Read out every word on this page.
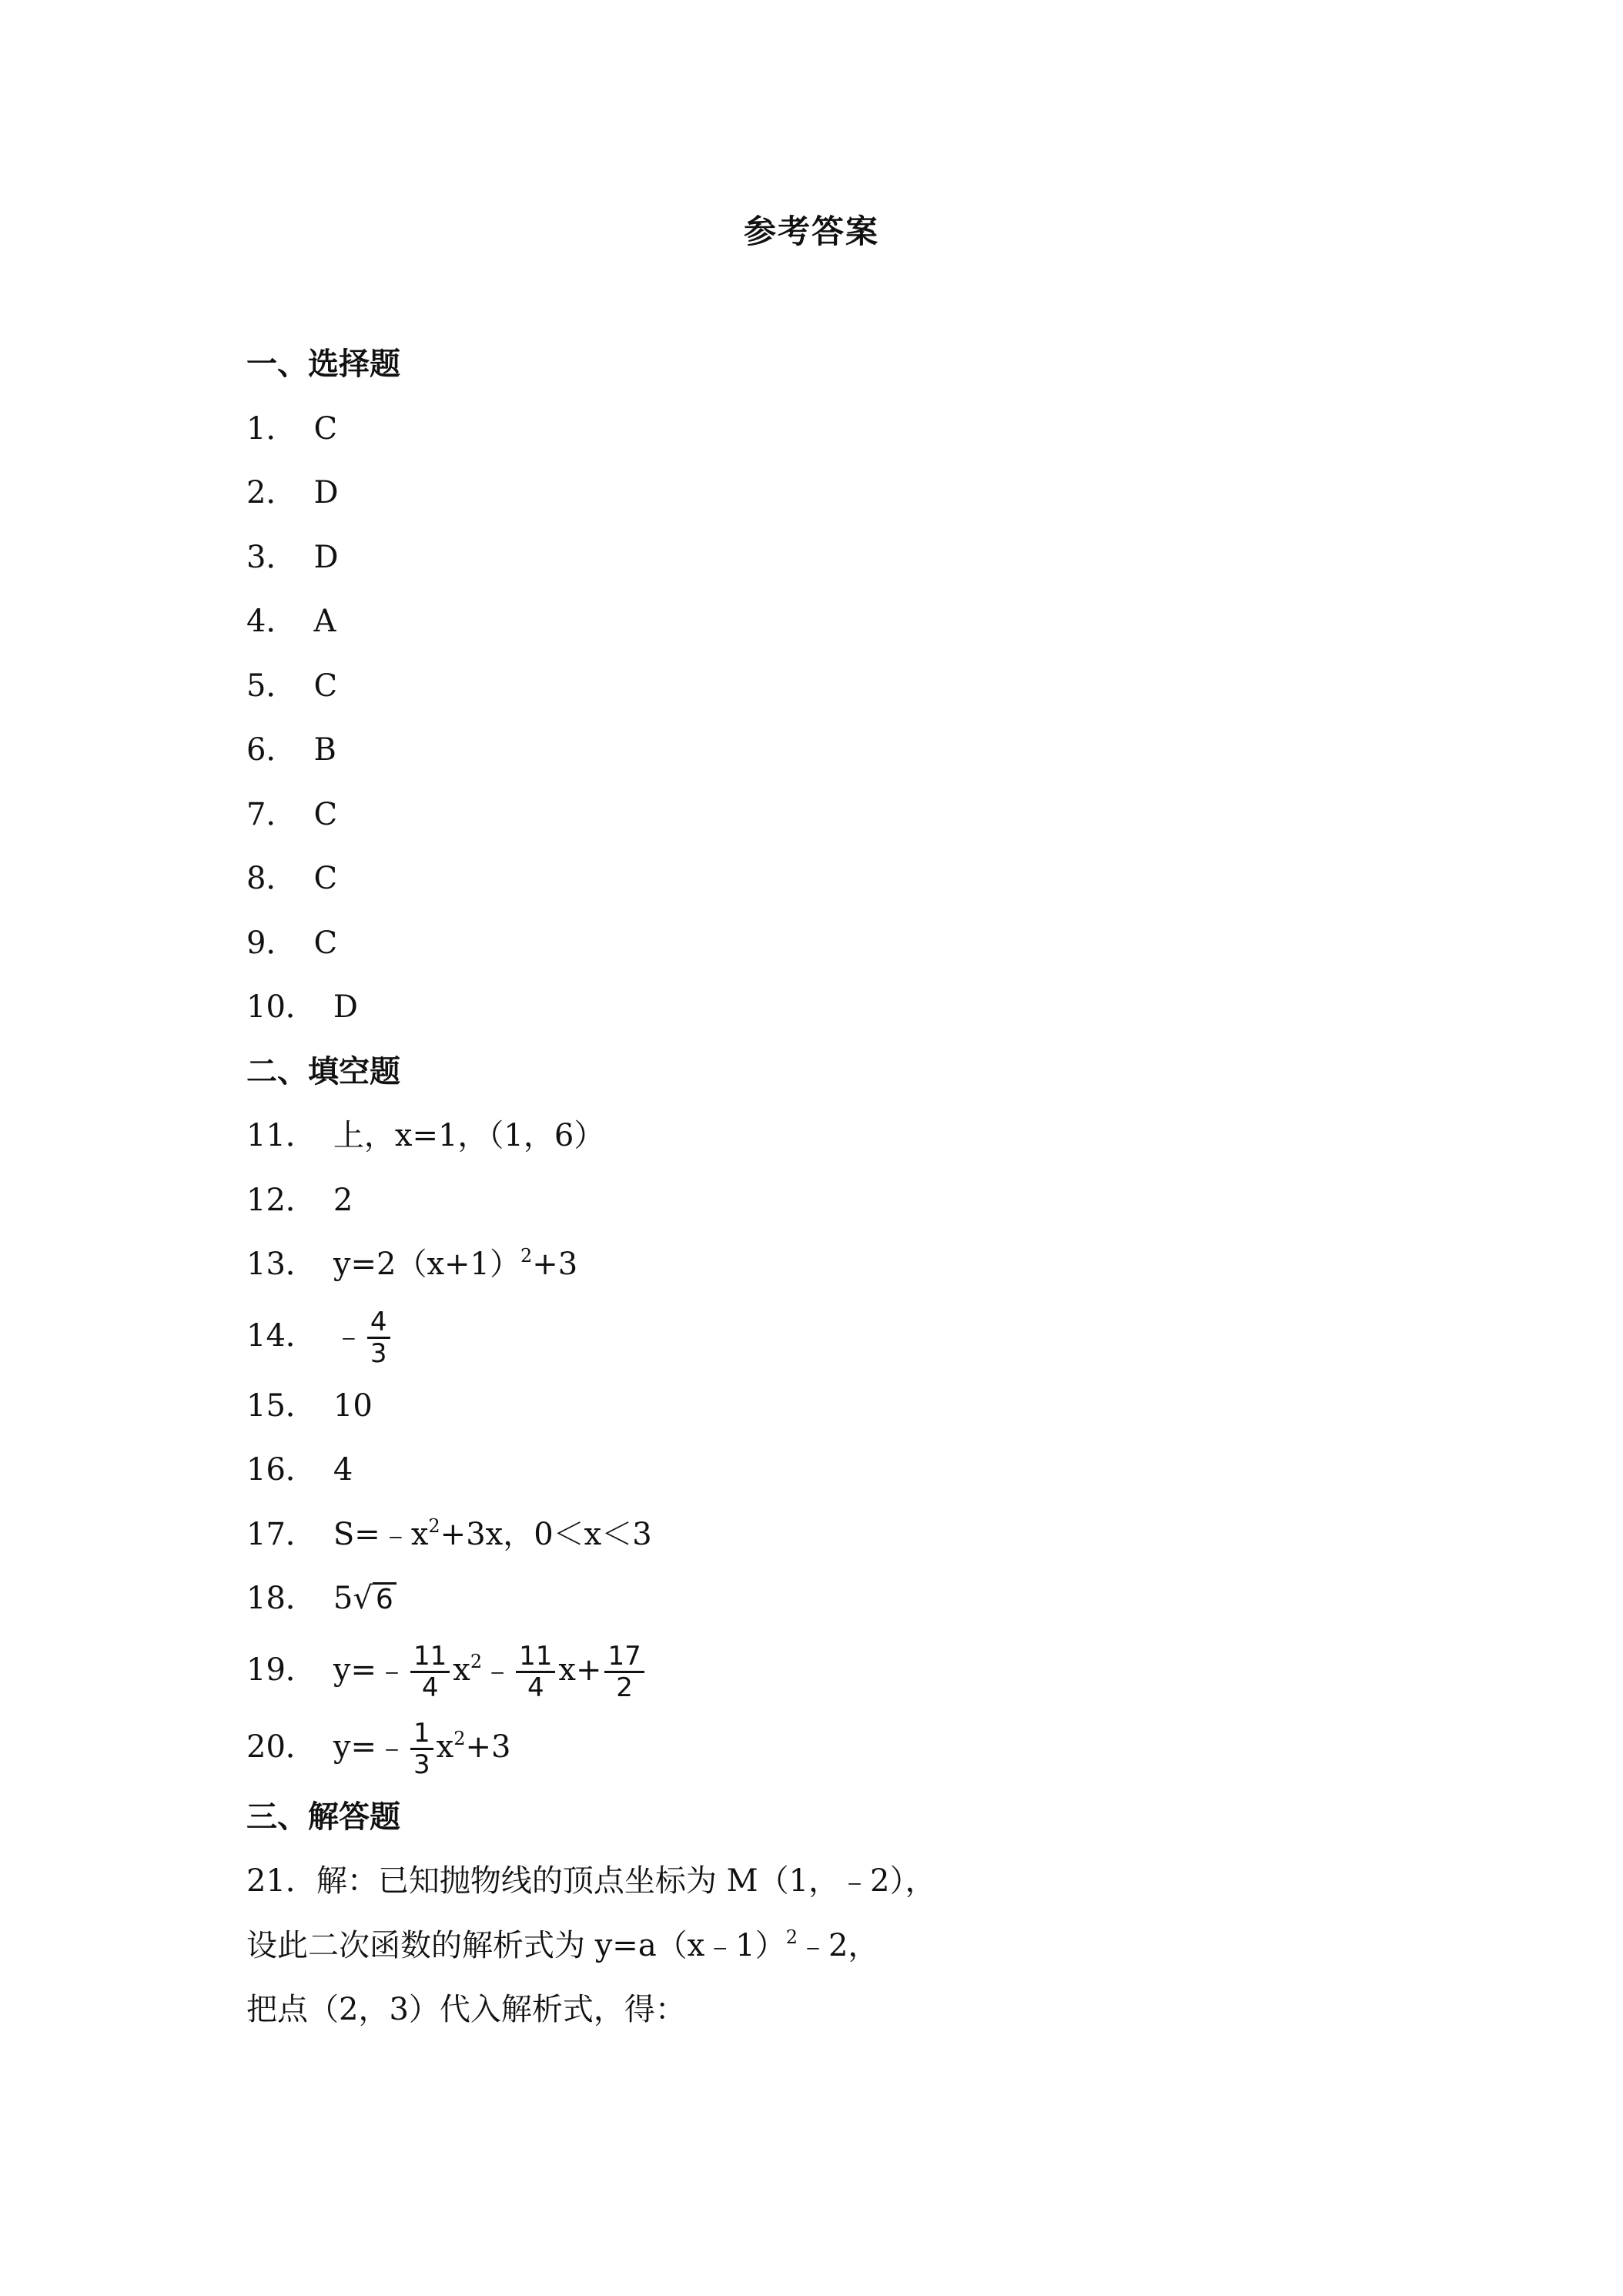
参考答案
一、选择题
1． C
2． D
3． D
4． A
5． C
6． B
7． C
8． C
9． C
10． D
二、填空题
11． 上，x=1，（1，6）
12． 2
13． $y=2(x+1)^2+3$
14． ﹣ $\frac{4}{3}$
15． 10
16． 4
17． $S=﹣x^2+3x$，0＜x＜3
18． 5√ 6
19． y=﹣ $\frac{11}{4}$ $x^2﹣ \frac{11}{4} x+ \frac{17}{2}$
20． y=﹣ $\frac{1}{3} x^2+3$
三、解答题
21．解：已知抛物线的顶点坐标为 M（1，﹣2），
设此二次函数的解析式为 y=a（x﹣1）$^2$﹣2，
把点（2，3）代入解析式，得：
